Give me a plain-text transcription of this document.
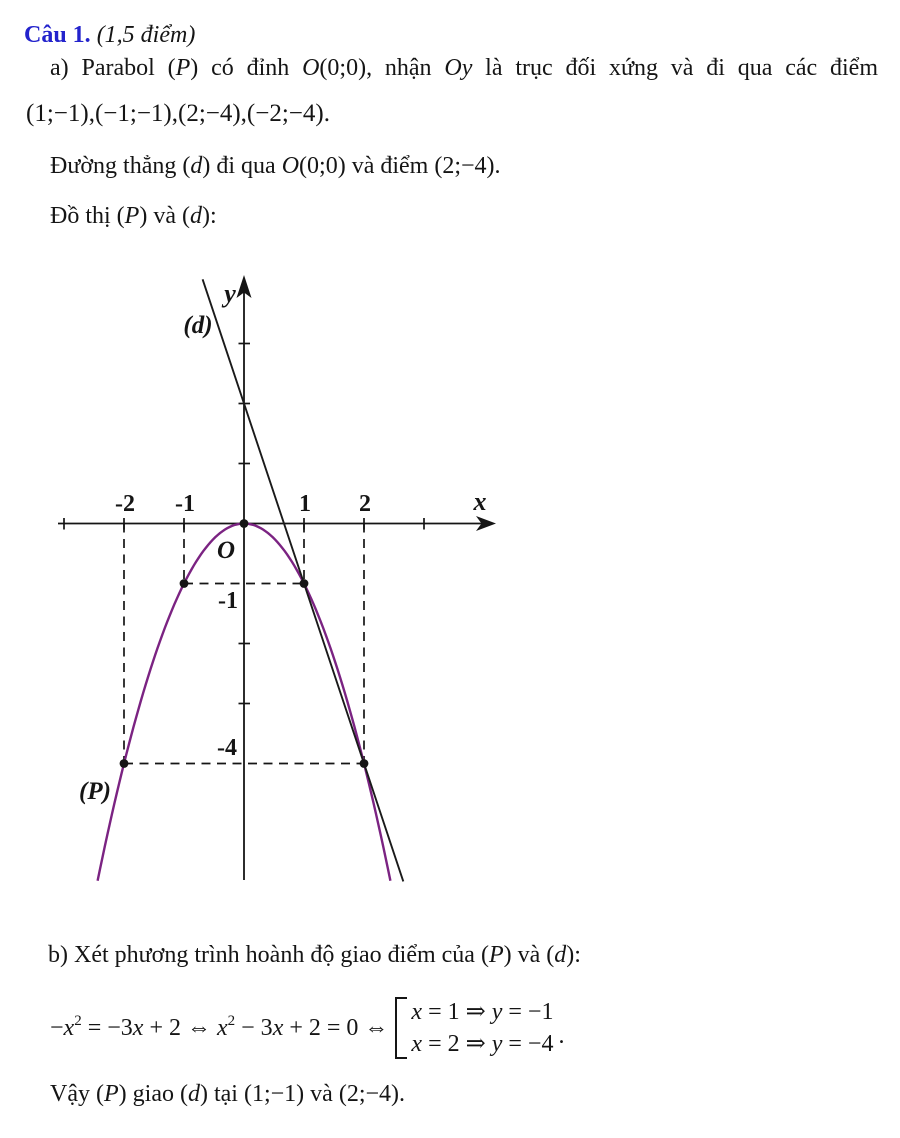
Câu 1. (1,5 điểm)
a) Parabol (P) có đỉnh O(0;0), nhận Oy là trục đối xứng và đi qua các điểm
(1;−1),(−1;−1),(2;−4),(−2;−4).
Đường thẳng (d) đi qua O(0;0) và điểm (2;−4).
Đồ thị (P) và (d):
y
x
O
(d)
(P)
-2 -1	1 2
-1
-4
b) Xét phương trình hoành độ giao điểm của (P) và (d):
$-x^2 = -3x + 2$ ⇔ $x^2 - 3x + 2 = 0$ ⇔
x = 1 ⇒ y = −1
x = 2 ⇒ y = −4 .
Vậy (P) giao (d) tại (1;−1) và (2;−4).
